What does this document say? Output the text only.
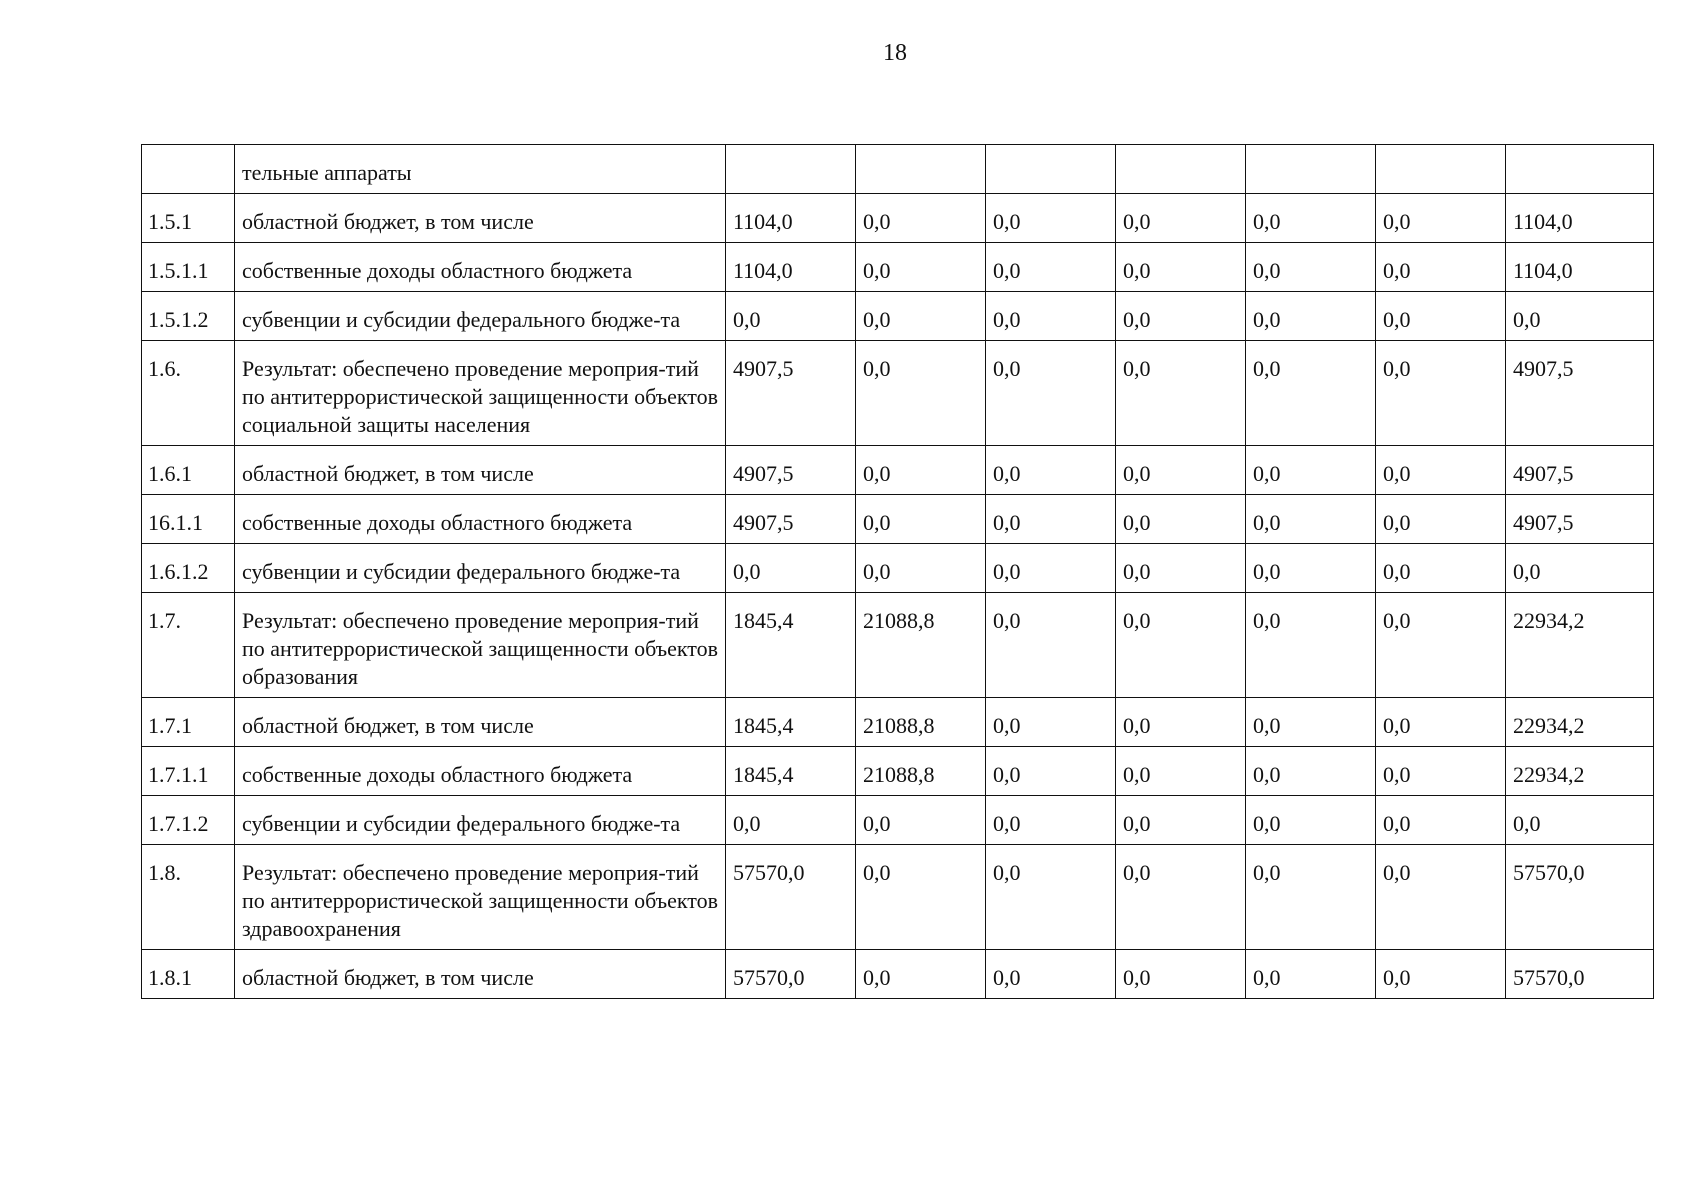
18
	тельные аппараты							
1.5.1	областной бюджет, в том числе	1104,0	0,0	0,0	0,0	0,0	0,0	1104,0
1.5.1.1	собственные доходы областного бюджета	1104,0	0,0	0,0	0,0	0,0	0,0	1104,0
1.5.1.2	субвенции и субсидии федерального бюдже-та	0,0	0,0	0,0	0,0	0,0	0,0	0,0
1.6.	Результат: обеспечено проведение мероприя-тий по антитеррористической защищенности объектов социальной защиты населения	4907,5	0,0	0,0	0,0	0,0	0,0	4907,5
1.6.1	областной бюджет, в том числе	4907,5	0,0	0,0	0,0	0,0	0,0	4907,5
16.1.1	собственные доходы областного бюджета	4907,5	0,0	0,0	0,0	0,0	0,0	4907,5
1.6.1.2	субвенции и субсидии федерального бюдже-та	0,0	0,0	0,0	0,0	0,0	0,0	0,0
1.7.	Результат: обеспечено проведение мероприя-тий по антитеррористической защищенности объектов образования	1845,4	21088,8	0,0	0,0	0,0	0,0	22934,2
1.7.1	областной бюджет, в том числе	1845,4	21088,8	0,0	0,0	0,0	0,0	22934,2
1.7.1.1	собственные доходы областного бюджета	1845,4	21088,8	0,0	0,0	0,0	0,0	22934,2
1.7.1.2	субвенции и субсидии федерального бюдже-та	0,0	0,0	0,0	0,0	0,0	0,0	0,0
1.8.	Результат: обеспечено проведение мероприя-тий по антитеррористической защищенности объектов здравоохранения	57570,0	0,0	0,0	0,0	0,0	0,0	57570,0
1.8.1	областной бюджет, в том числе	57570,0	0,0	0,0	0,0	0,0	0,0	57570,0
